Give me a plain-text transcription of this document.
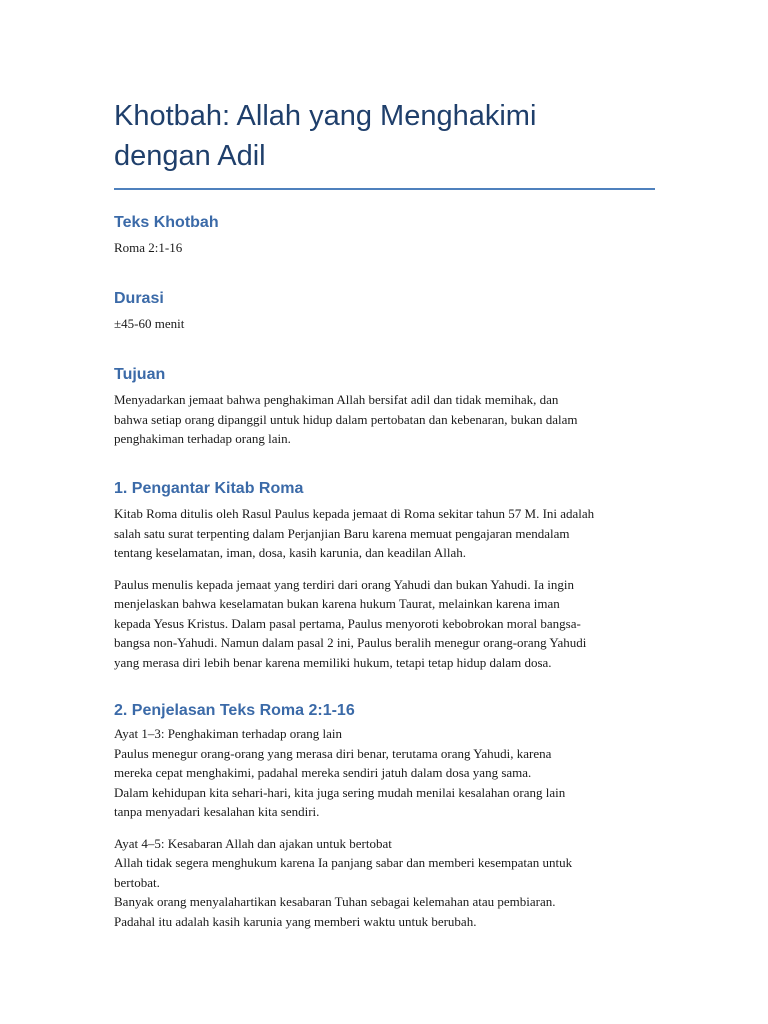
Khotbah: Allah yang Menghakimi
dengan Adil
Teks Khotbah

Roma 2:1-16

Durasi

±45-60 menit

Tujuan

Menyadarkan jemaat bahwa penghakiman Allah bersifat adil dan tidak memihak, dan
bahwa setiap orang dipanggil untuk hidup dalam pertobatan dan kebenaran, bukan dalam
penghakiman terhadap orang lain.

1. Pengantar Kitab Roma

Kitab Roma ditulis oleh Rasul Paulus kepada jemaat di Roma sekitar tahun 57 M. Ini adalah
salah satu surat terpenting dalam Perjanjian Baru karena memuat pengajaran mendalam
tentang keselamatan, iman, dosa, kasih karunia, dan keadilan Allah.

Paulus menulis kepada jemaat yang terdiri dari orang Yahudi dan bukan Yahudi. Ia ingin
menjelaskan bahwa keselamatan bukan karena hukum Taurat, melainkan karena iman
kepada Yesus Kristus. Dalam pasal pertama, Paulus menyoroti kebobrokan moral bangsa-
bangsa non-Yahudi. Namun dalam pasal 2 ini, Paulus beralih menegur orang-orang Yahudi
yang merasa diri lebih benar karena memiliki hukum, tetapi tetap hidup dalam dosa.

2. Penjelasan Teks Roma 2:1-16

Ayat 1–3: Penghakiman terhadap orang lain
Paulus menegur orang-orang yang merasa diri benar, terutama orang Yahudi, karena
mereka cepat menghakimi, padahal mereka sendiri jatuh dalam dosa yang sama.
Dalam kehidupan kita sehari-hari, kita juga sering mudah menilai kesalahan orang lain
tanpa menyadari kesalahan kita sendiri.

Ayat 4–5: Kesabaran Allah dan ajakan untuk bertobat
Allah tidak segera menghukum karena Ia panjang sabar dan memberi kesempatan untuk
bertobat.
Banyak orang menyalahartikan kesabaran Tuhan sebagai kelemahan atau pembiaran.
Padahal itu adalah kasih karunia yang memberi waktu untuk berubah.
